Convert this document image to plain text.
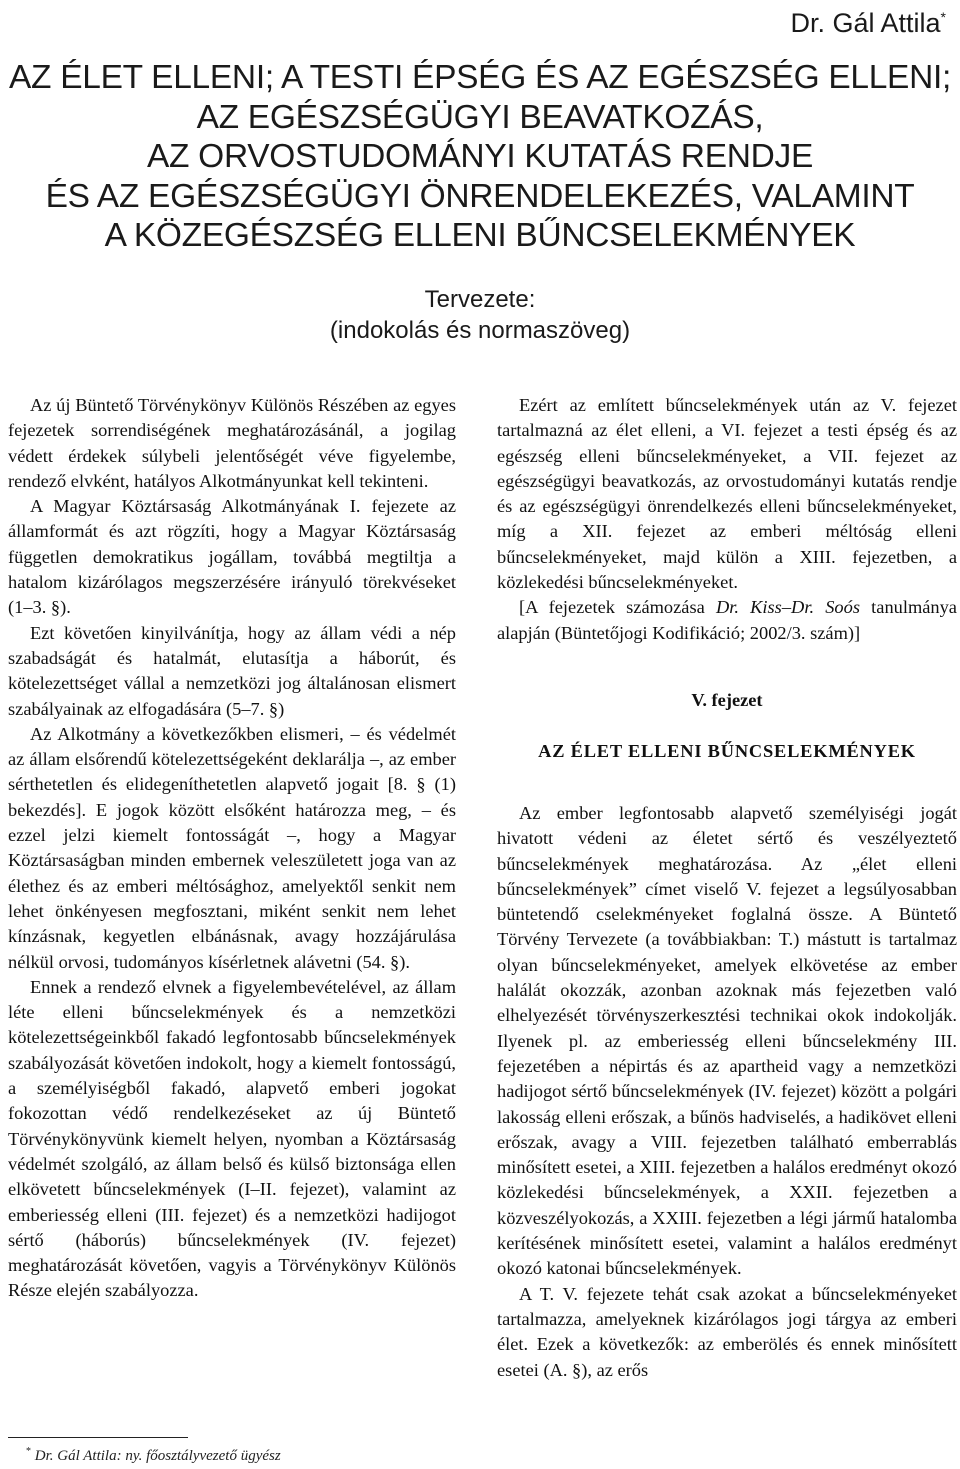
Dr. Gál Attila*
AZ ÉLET ELLENI; A TESTI ÉPSÉG ÉS AZ EGÉSZSÉG ELLENI;
AZ EGÉSZSÉGÜGYI BEAVATKOZÁS,
AZ ORVOSTUDOMÁNYI KUTATÁS RENDJE
ÉS AZ EGÉSZSÉGÜGYI ÖNRENDELEKEZÉS, VALAMINT
A KÖZEGÉSZSÉG ELLENI BŰNCSELEKMÉNYEK
Tervezete:
(indokolás és normaszöveg)

Az új Büntető Törvénykönyv Különös Részében az egyes fejezetek sorrendiségének meghatározásánál, a jogilag védett érdekek súlybeli jelentőségét véve figyelembe, rendező elvként, hatályos Alkotmányunkat kell tekinteni.

A Magyar Köztársaság Alkotmányának I. fejezete az államformát és azt rögzíti, hogy a Magyar Köztársaság független demokratikus jogállam, továbbá megtiltja a hatalom kizárólagos megszerzésére irányuló törekvéseket (1–3. §).

Ezt követően kinyilvánítja, hogy az állam védi a nép szabadságát és hatalmát, elutasítja a háborút, és kötelezettséget vállal a nemzetközi jog általánosan elismert szabályainak az elfogadására (5–7. §)

Az Alkotmány a következőkben elismeri, – és védelmét az állam elsőrendű kötelezettségeként deklarálja –, az ember sérthetetlen és elidegeníthetetlen alapvető jogait [8. § (1) bekezdés]. E jogok között elsőként határozza meg, – és ezzel jelzi kiemelt fontosságát –, hogy a Magyar Köztársaságban minden embernek veleszületett joga van az élethez és az emberi méltósághoz, amelyektől senkit nem lehet önkényesen megfosztani, miként senkit nem lehet kínzásnak, kegyetlen elbánásnak, avagy hozzájárulása nélkül orvosi, tudományos kísérletnek alávetni (54. §).

Ennek a rendező elvnek a figyelembevételével, az állam léte elleni bűncselekmények és a nemzetközi kötelezettségeinkből fakadó legfontosabb bűncselekmények szabályozását követően indokolt, hogy a kiemelt fontosságú, a személyiségből fakadó, alapvető emberi jogokat fokozottan védő rendelkezéseket az új Büntető Törvénykönyvünk kiemelt helyen, nyomban a Köztársaság védelmét szolgáló, az állam belső és külső biztonsága ellen elkövetett bűncselekmények (I–II. fejezet), valamint az emberiesség elleni (III. fejezet) és a nemzetközi hadijogot sértő (háborús) bűncselekmények (IV. fejezet) meghatározását követően, vagyis a Törvénykönyv Különös Része elején szabályozza.

Ezért az említett bűncselekmények után az V. fejezet tartalmazná az élet elleni, a VI. fejezet a testi épség és az egészség elleni bűncselekményeket, a VII. fejezet az egészségügyi beavatkozás, az orvostudományi kutatás rendje és az egészségügyi önrendelkezés elleni bűncselekményeket, míg a XII. fejezet az emberi méltóság elleni bűncselekményeket, majd külön a XIII. fejezetben, a közlekedési bűncselekményeket.

[A fejezetek számozása Dr. Kiss–Dr. Soós tanulmánya alapján (Büntetőjogi Kodifikáció; 2002/3. szám)]

V. fejezet
AZ ÉLET ELLENI BŰNCSELEKMÉNYEK

Az ember legfontosabb alapvető személyiségi jogát hivatott védeni az életet sértő és veszélyeztető bűncselekmények meghatározása. Az „élet elleni bűncselekmények” címet viselő V. fejezet a legsúlyosabban büntetendő cselekményeket foglalná össze. A Büntető Törvény Tervezete (a továbbiakban: T.) mástutt is tartalmaz olyan bűncselekményeket, amelyek elkövetése az ember halálát okozzák, azonban azoknak más fejezetben való elhelyezését törvényszerkesztési technikai okok indokolják. Ilyenek pl. az emberiesség elleni bűncselekmény III. fejezetében a népirtás és az apartheid vagy a nemzetközi hadijogot sértő bűncselekmények (IV. fejezet) között a polgári lakosság elleni erőszak, a bűnös hadviselés, a hadikövet elleni erőszak, avagy a VIII. fejezetben található emberrablás minősített esetei, a XIII. fejezetben a halálos eredményt okozó közlekedési bűncselekmények, a XXII. fejezetben a közveszélyokozás, a XXIII. fejezetben a légi jármű hatalomba kerítésének minősített esetei, valamint a halálos eredményt okozó katonai bűncselekmények.

A T. V. fejezete tehát csak azokat a bűncselekményeket tartalmazza, amelyeknek kizárólagos jogi tárgya az emberi élet. Ezek a következők: az emberölés és ennek minősített esetei (A. §), az erős

* Dr. Gál Attila: ny. főosztályvezető ügyész
